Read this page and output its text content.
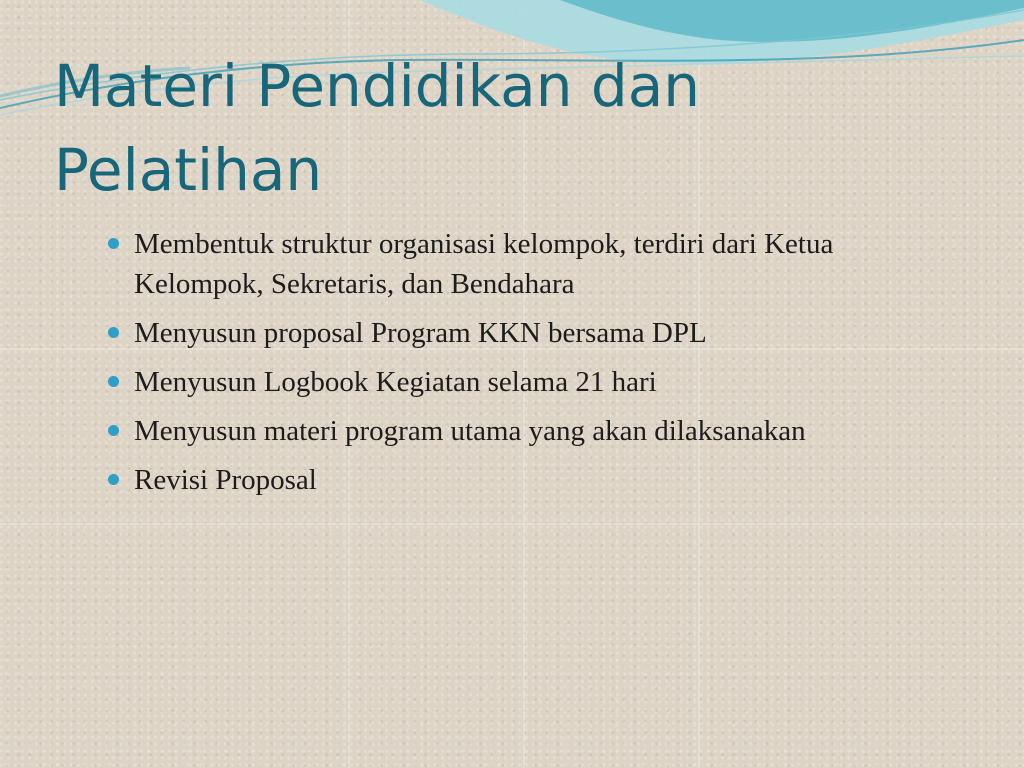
Materi Pendidikan dan Pelatihan
Membentuk struktur organisasi kelompok, terdiri dari Ketua Kelompok, Sekretaris, dan Bendahara
Menyusun proposal Program KKN bersama DPL
Menyusun Logbook Kegiatan selama 21 hari
Menyusun materi program utama yang akan dilaksanakan
Revisi Proposal
